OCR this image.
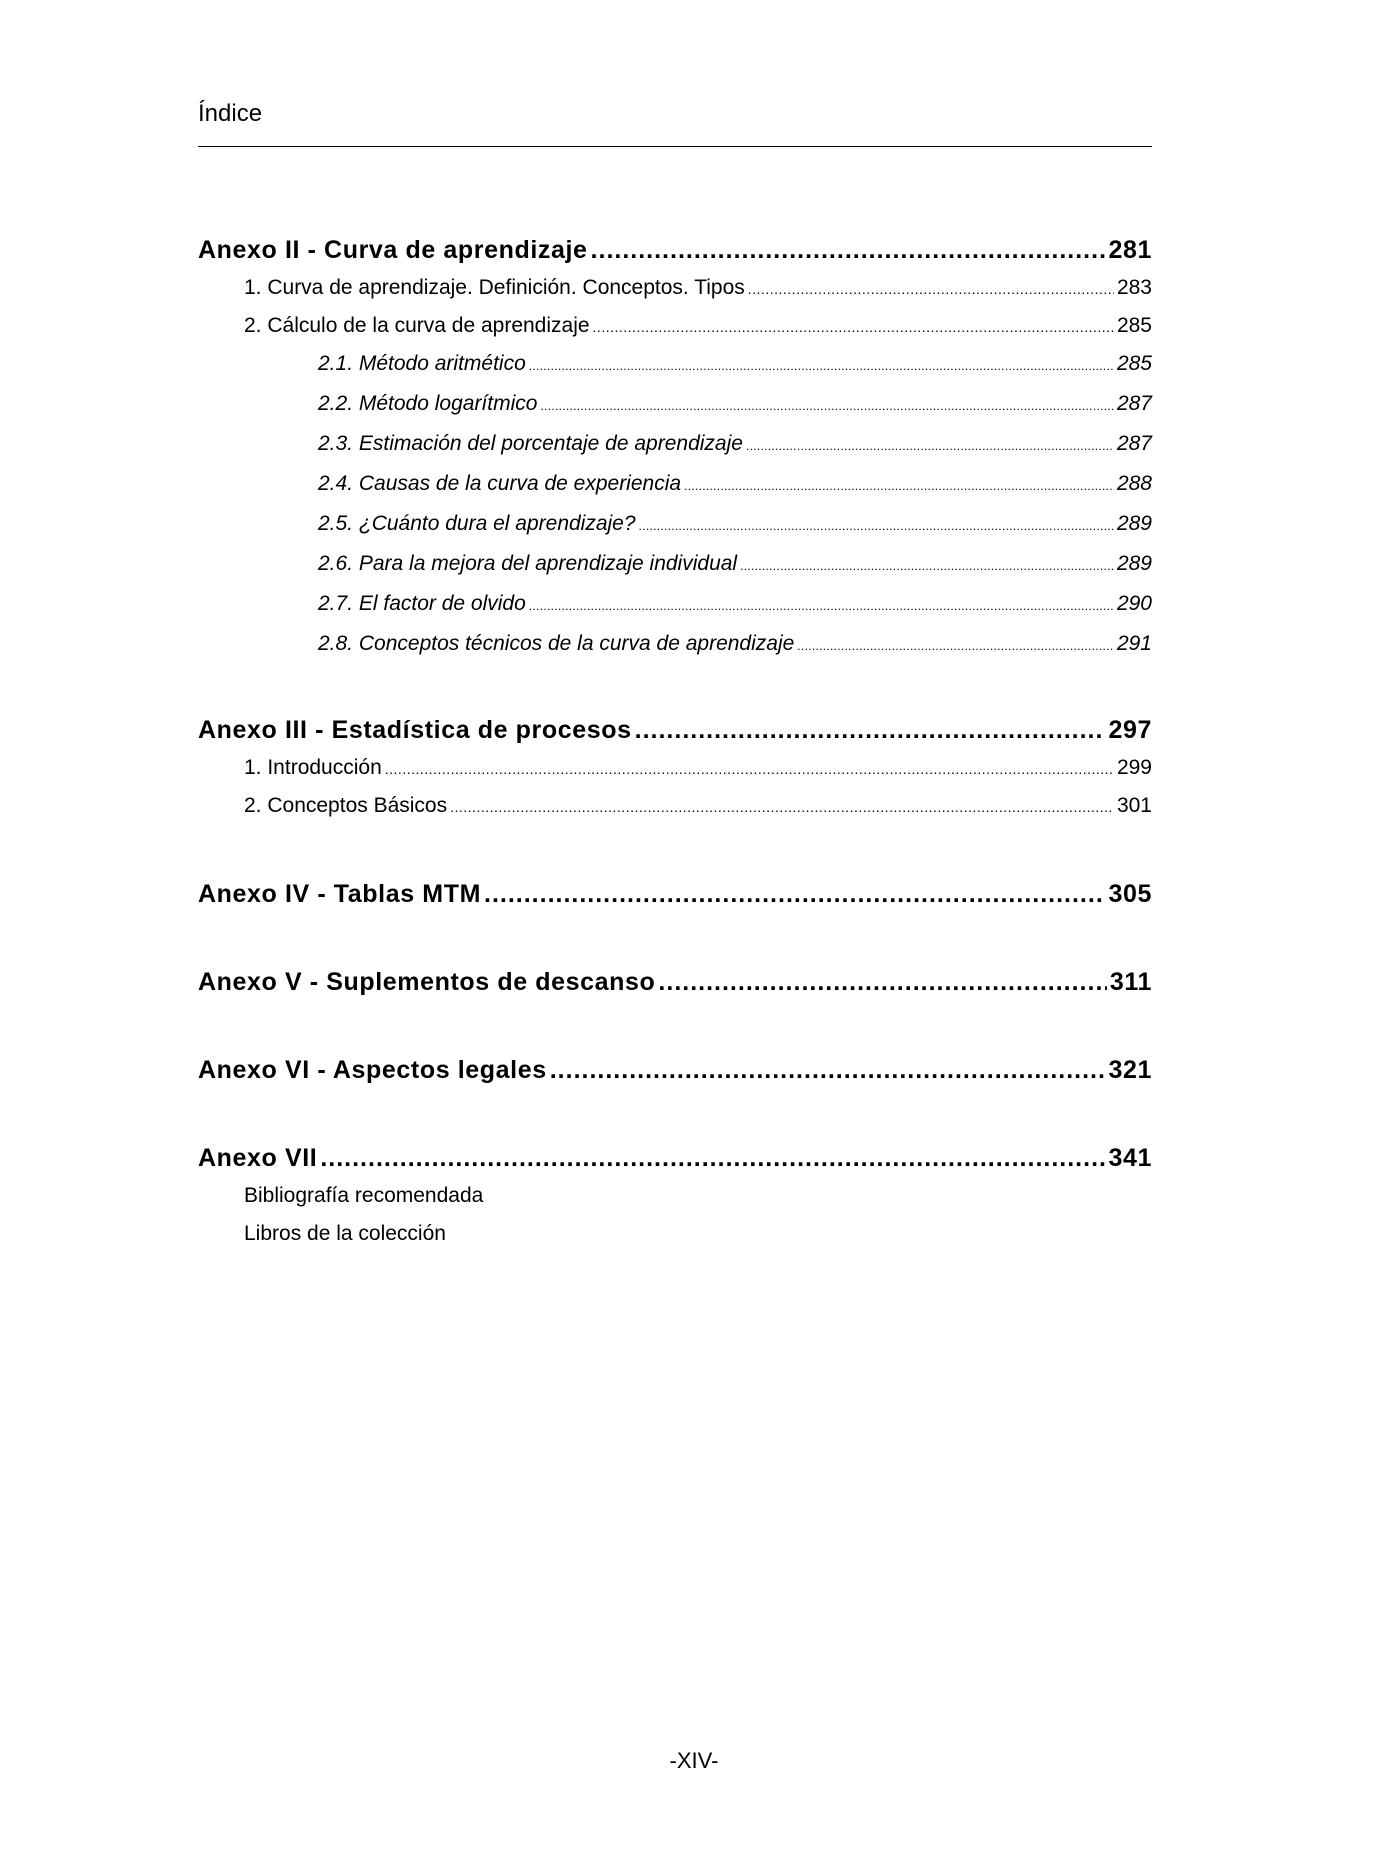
Índice
Anexo II - Curva de aprendizaje .....	281
1. Curva de aprendizaje. Definición. Conceptos. Tipos .....	283
2. Cálculo de la curva de aprendizaje .....	285
2.1. Método aritmético .....	285
2.2. Método logarítmico .....	287
2.3. Estimación del porcentaje de aprendizaje .....	287
2.4. Causas de la curva de experiencia .....	288
2.5. ¿Cuánto dura el aprendizaje? .....	289
2.6. Para la mejora del aprendizaje individual .....	289
2.7. El factor de olvido .....	290
2.8. Conceptos técnicos de la curva de aprendizaje .....	291
Anexo III - Estadística de procesos .....	297
1. Introducción .....	299
2. Conceptos Básicos .....	301
Anexo IV - Tablas MTM .....	305
Anexo V - Suplementos de descanso .....	311
Anexo VI - Aspectos legales .....	321
Anexo VII .....	341
Bibliografía recomendada
Libros de la colección
-XIV-
